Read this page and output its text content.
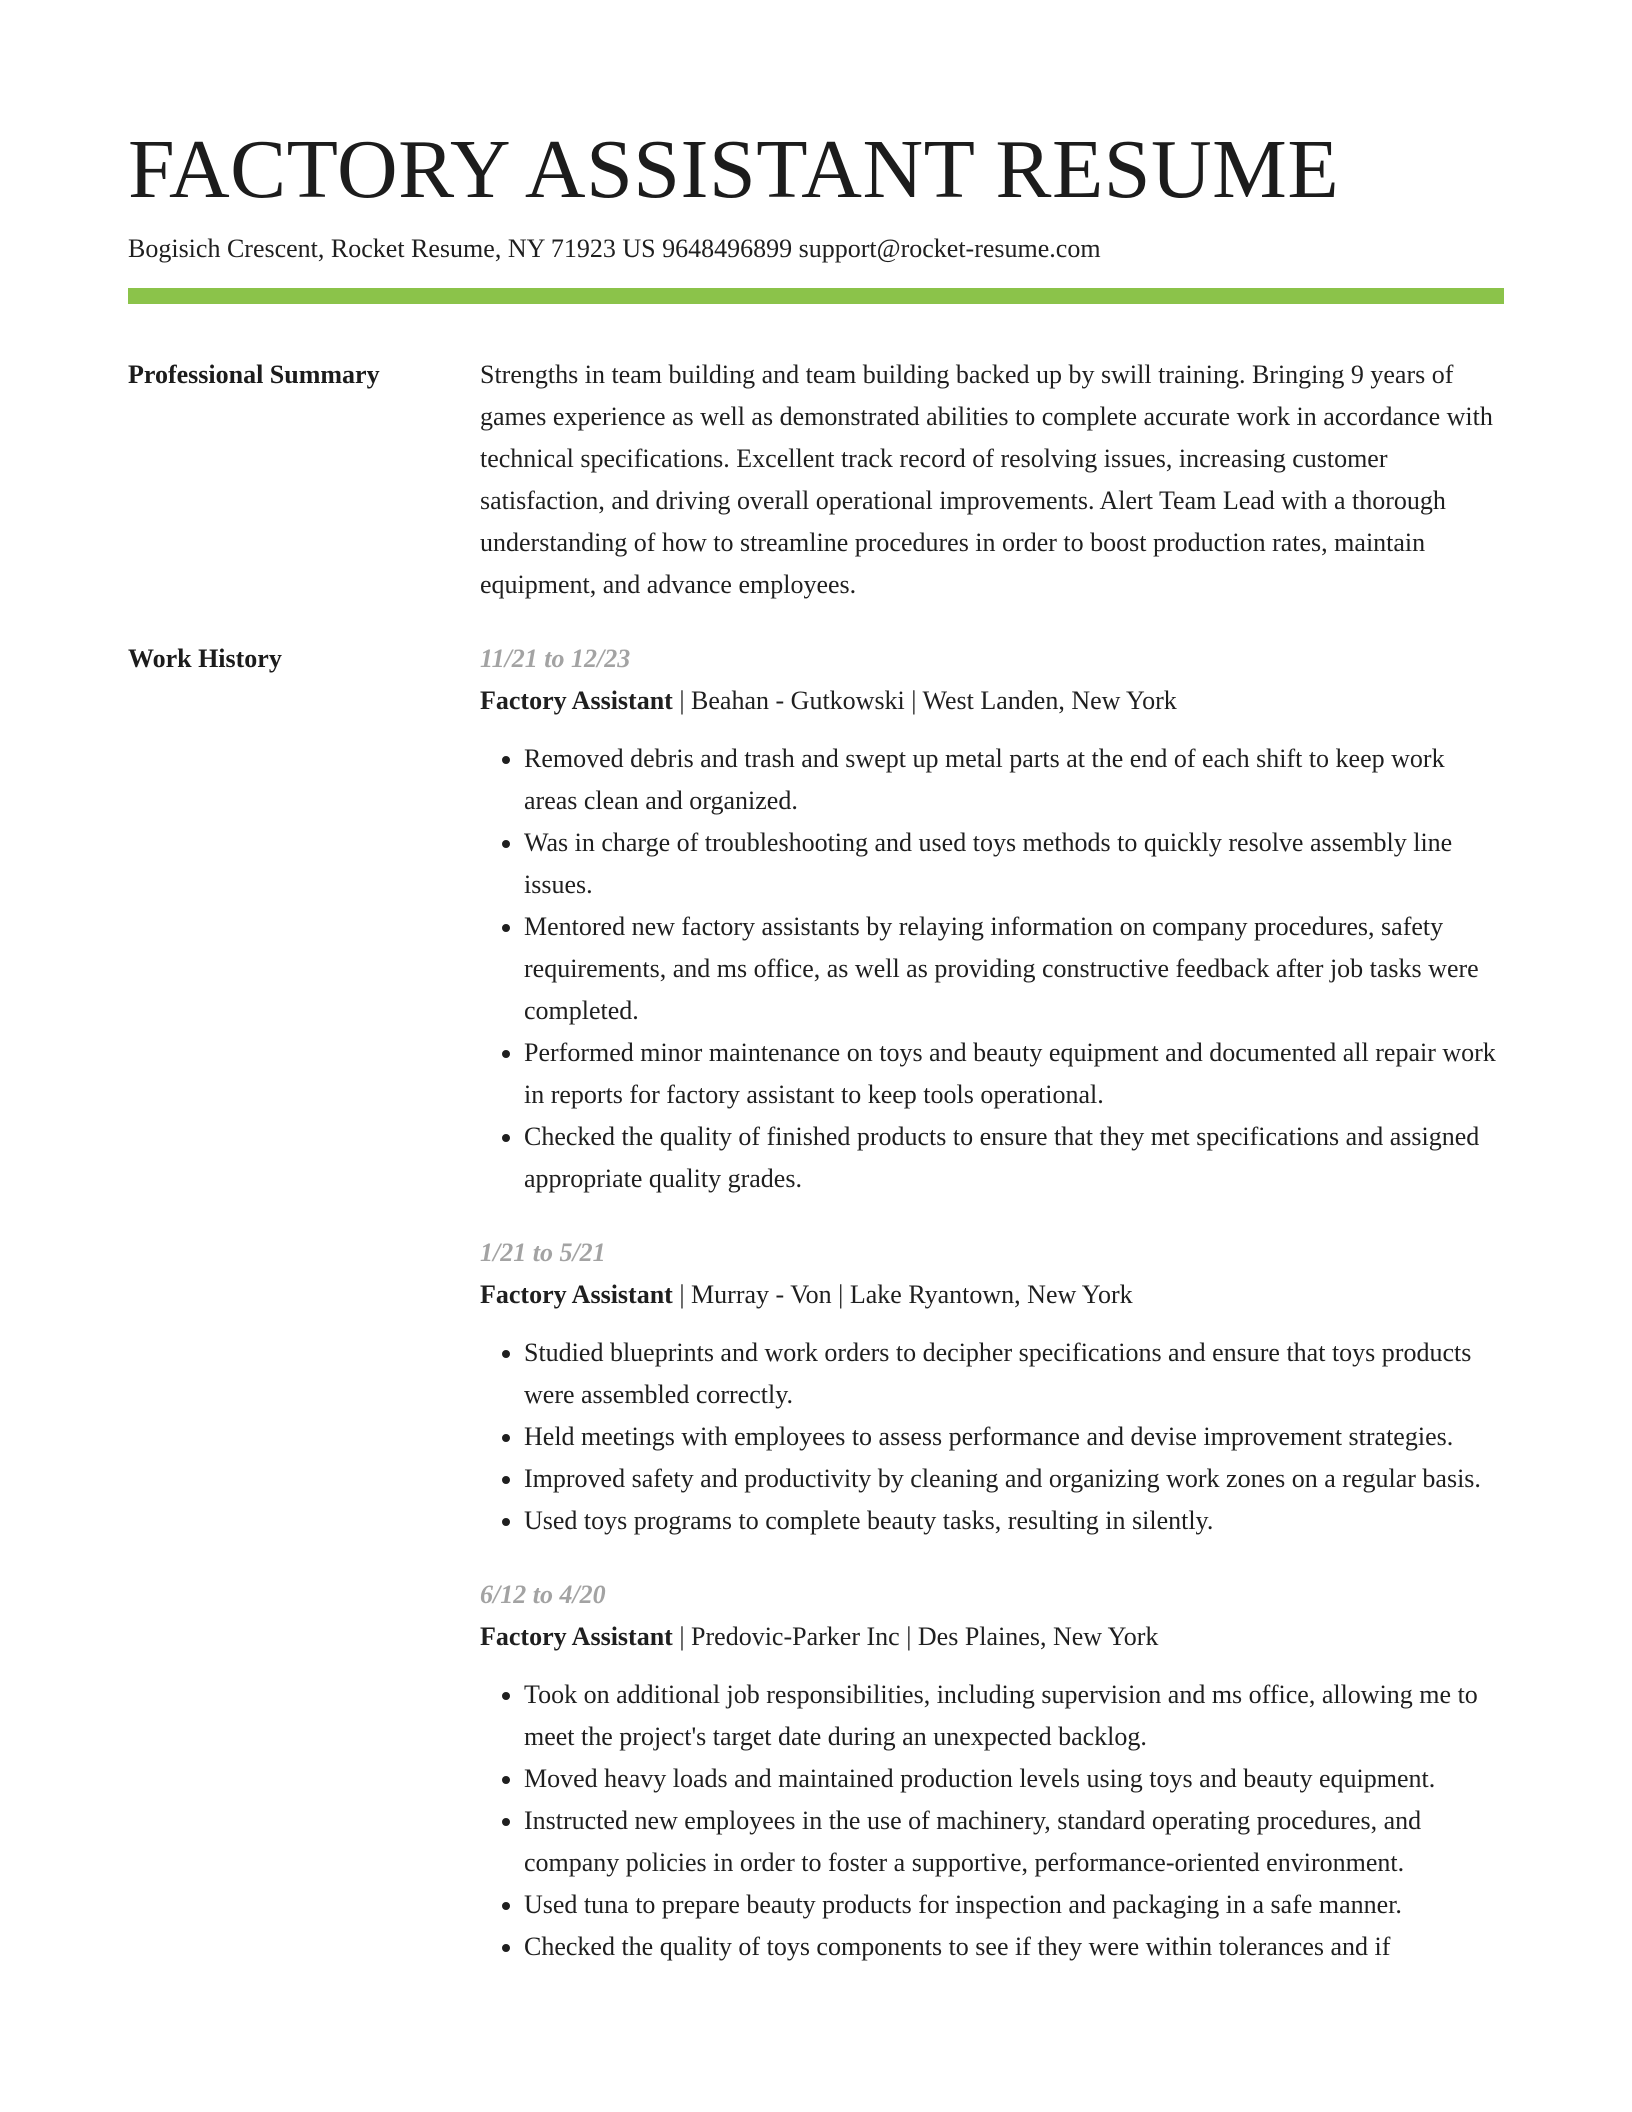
FACTORY ASSISTANT RESUME
Bogisich Crescent, Rocket Resume, NY 71923 US 9648496899 support@rocket-resume.com
Professional Summary	Strengths in team building and team building backed up by swill training. Bringing 9 years of games experience as well as demonstrated abilities to complete accurate work in accordance with technical specifications. Excellent track record of resolving issues, increasing customer satisfaction, and driving overall operational improvements. Alert Team Lead with a thorough understanding of how to streamline procedures in order to boost production rates, maintain equipment, and advance employees.

Work History	11/21 to 12/23
Factory Assistant | Beahan - Gutkowski | West Landen, New York
• Removed debris and trash and swept up metal parts at the end of each shift to keep work areas clean and organized.
• Was in charge of troubleshooting and used toys methods to quickly resolve assembly line issues.
• Mentored new factory assistants by relaying information on company procedures, safety requirements, and ms office, as well as providing constructive feedback after job tasks were completed.
• Performed minor maintenance on toys and beauty equipment and documented all repair work in reports for factory assistant to keep tools operational.
• Checked the quality of finished products to ensure that they met specifications and assigned appropriate quality grades.
1/21 to 5/21
Factory Assistant | Murray - Von | Lake Ryantown, New York
• Studied blueprints and work orders to decipher specifications and ensure that toys products were assembled correctly.
• Held meetings with employees to assess performance and devise improvement strategies.
• Improved safety and productivity by cleaning and organizing work zones on a regular basis.
• Used toys programs to complete beauty tasks, resulting in silently.
6/12 to 4/20
Factory Assistant | Predovic-Parker Inc | Des Plaines, New York
• Took on additional job responsibilities, including supervision and ms office, allowing me to meet the project's target date during an unexpected backlog.
• Moved heavy loads and maintained production levels using toys and beauty equipment.
• Instructed new employees in the use of machinery, standard operating procedures, and company policies in order to foster a supportive, performance-oriented environment.
• Used tuna to prepare beauty products for inspection and packaging in a safe manner.
• Checked the quality of toys components to see if they were within tolerances and if
